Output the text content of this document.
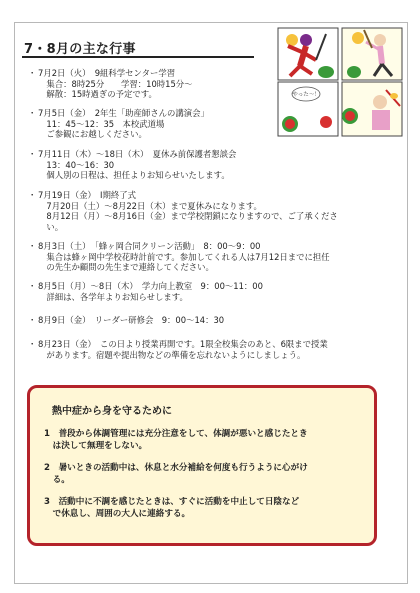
7・8月の主な行事
やった〜！
・ 7月2日（火）　9組科学センター学習
　集合：8時25分　　学習：10時15分～
　解散：15時過ぎの予定です。
・ 7月5日（金）　2年生「助産師さんの講演会」
　11：45～12：35　本校武道場
　ご参観にお越しください。
・ 7月11日（木）～18日（木）　夏休み前保護者懇談会
　13：40～16：30
　個人別の日程は、担任よりお知らせいたします。
・ 7月19日（金）　Ⅰ期終了式
　7月20日（土）～8月22日（木）まで夏休みになります。
　8月12日（月）～8月16日（金）まで学校閉鎖になりますので、ご了承くださ
　い。
・ 8月3日（土）　「蜂ヶ岡合同クリーン活動」　8：00～9：00
　集合は蜂ヶ岡中学校花時計前です。参加してくれる人は7月12日までに担任
　の先生か顧問の先生まで連絡してください。
・ 8月5日（月）～8日（木）　学力向上教室　9：00～11：00
　詳細は、各学年よりお知らせします。
・ 8月9日（金）　リーダー研修会　9：00～14：30
・ 8月23日（金）　この日より授業再開です。1限全校集会のあと、6限まで授業
　があります。宿題や提出物などの準備を忘れないようにしましょう。
熱中症から身を守るために

1　普段から体調管理には充分注意をして、体調が悪いと感じたとき
　は決して無理をしない。

2　暑いときの活動中は、休息と水分補給を何度も行うように心がけ
　る。

3　活動中に不調を感じたときは、すぐに活動を中止して日陰など
　で休息し、周囲の大人に連絡する。
